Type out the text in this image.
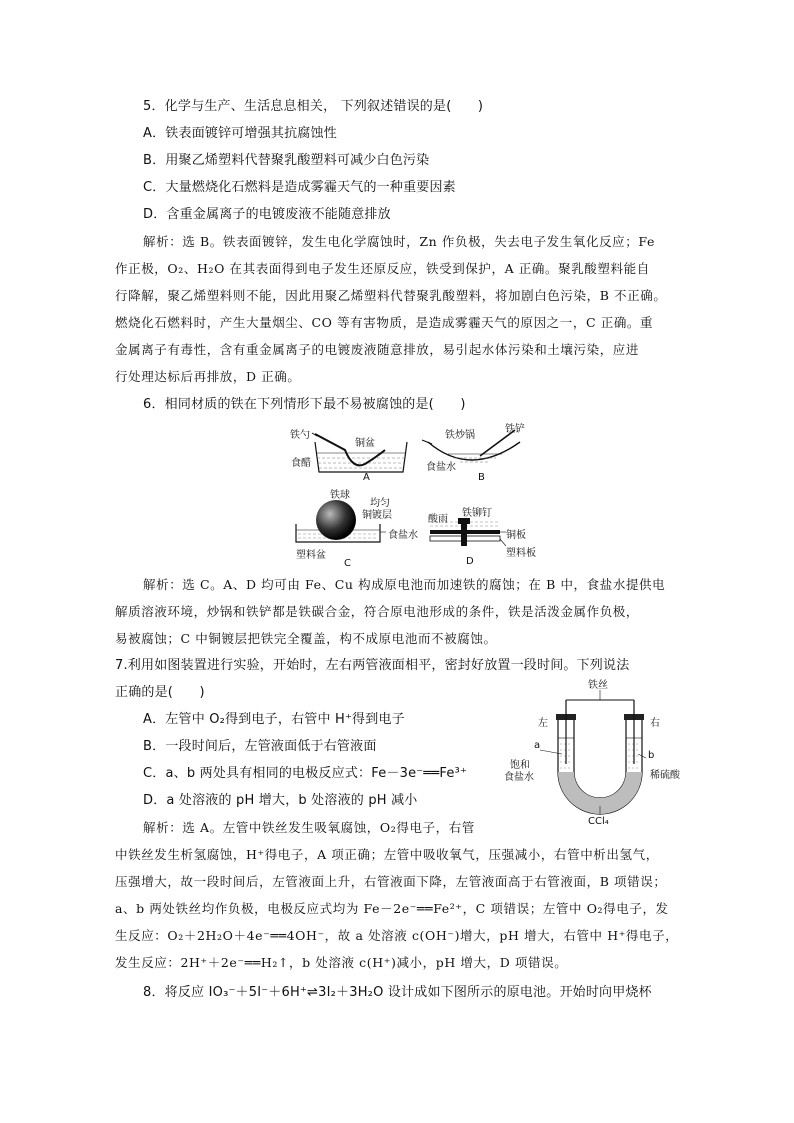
5．化学与生产、生活息息相关， 下列叙述错误的是(　　)
A．铁表面镀锌可增强其抗腐蚀性
B．用聚乙烯塑料代替聚乳酸塑料可减少白色污染
C．大量燃烧化石燃料是造成雾霾天气的一种重要因素
D．含重金属离子的电镀废液不能随意排放
解析：选 B。铁表面镀锌，发生电化学腐蚀时，Zn 作负极，失去电子发生氧化反应；Fe
作正极，O₂、H₂O 在其表面得到电子发生还原反应，铁受到保护，A 正确。聚乳酸塑料能自
行降解，聚乙烯塑料则不能，因此用聚乙烯塑料代替聚乳酸塑料，将加剧白色污染，B 不正确。
燃烧化石燃料时，产生大量烟尘、CO 等有害物质，是造成雾霾天气的原因之一，C 正确。重
金属离子有毒性，含有重金属离子的电镀废液随意排放，易引起水体污染和土壤污染，应进
行处理达标后再排放，D 正确。
6．相同材质的铁在下列情形下最不易被腐蚀的是(　　)
铁勺
铜盆
食醋
A
铁炒锅
铁铲
食盐水
B
铁球
均匀
铜镀层
食盐水
塑料盆
C
铁铆钉
酸雨
铜板
塑料板
D
解析：选 C。A、D 均可由 Fe、Cu 构成原电池而加速铁的腐蚀；在 B 中，食盐水提供电
解质溶液环境，炒锅和铁铲都是铁碳合金，符合原电池形成的条件，铁是活泼金属作负极，
易被腐蚀；C 中铜镀层把铁完全覆盖，构不成原电池而不被腐蚀。
7.利用如图装置进行实验，开始时，左右两管液面相平，密封好放置一段时间。下列说法
正确的是(　　)
A．左管中 O₂得到电子，右管中 H⁺得到电子
B．一段时间后，左管液面低于右管液面
C．a、b 两处具有相同的电极反应式：Fe－3e⁻══Fe³⁺
D．a 处溶液的 pH 增大，b 处溶液的 pH 减小
铁丝
左	右
a
b
饱和
食盐水	稀硫酸
CCl₄
解析：选 A。左管中铁丝发生吸氧腐蚀，O₂得电子，右管
中铁丝发生析氢腐蚀，H⁺得电子，A 项正确；左管中吸收氧气，压强减小，右管中析出氢气，
压强增大，故一段时间后，左管液面上升，右管液面下降，左管液面高于右管液面，B 项错误；
a、b 两处铁丝均作负极，电极反应式均为 Fe－2e⁻══Fe²⁺，C 项错误；左管中 O₂得电子，发
生反应：O₂＋2H₂O＋4e⁻══4OH⁻，故 a 处溶液 c(OH⁻)增大，pH 增大，右管中 H⁺得电子，
发生反应：2H⁺＋2e⁻══H₂↑，b 处溶液 c(H⁺)减小，pH 增大，D 项错误。
8．将反应 IO₃⁻＋5I⁻＋6H⁺⇌3I₂＋3H₂O 设计成如下图所示的原电池。开始时向甲烧杯
